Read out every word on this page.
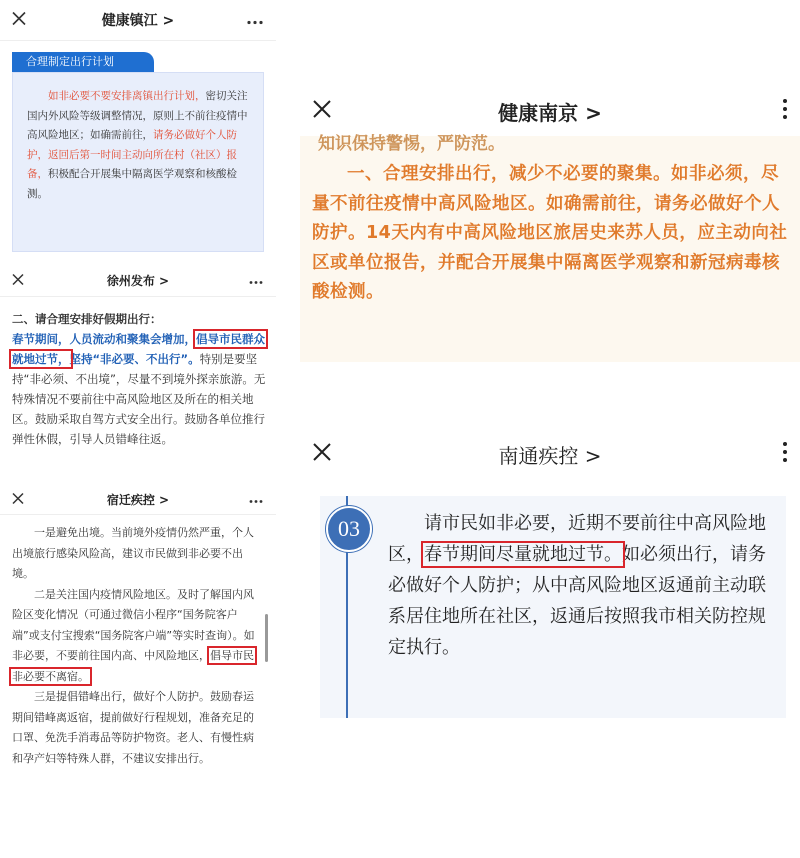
健康镇江 >
合理制定出行计划
如非必要不要安排离镇出行计划，密切关注国内外风险等级调整情况，原则上不前往疫情中高风险地区；如确需前往，请务必做好个人防护，返回后第一时间主动向所在村（社区）报备，积极配合开展集中隔离医学观察和核酸检测。
徐州发布 >
二、请合理安排好假期出行：
春节期间，人员流动和聚集会增加，倡导市民群众就地过节，坚持“非必要、不出行”。特别是要坚持“非必须、不出境”，尽量不到境外探亲旅游。无特殊情况不要前往中高风险地区及所在的相关地区。鼓励采取自驾方式安全出行。鼓励各单位推行弹性休假，引导人员错峰往返。
宿迁疾控 >

一是避免出境。当前境外疫情仍然严重，个人出境旅行感染风险高，建议市民做到非必要不出境。

二是关注国内疫情风险地区。及时了解国内风险区变化情况（可通过微信小程序“国务院客户端”或支付宝搜索“国务院客户端”等实时查询）。如非必要，不要前往国内高、中风险地区，倡导市民非必要不离宿。

三是提倡错峰出行，做好个人防护。鼓励春运期间错峰离返宿，提前做好行程规划，准备充足的口罩、免洗手消毒品等防护物资。老人、有慢性病和孕产妇等特殊人群，不建议安排出行。

健康南京 >
知识保持警惕，严防范。
一、合理安排出行，减少不必要的聚集。如非必须，尽量不前往疫情中高风险地区。如确需前往，请务必做好个人防护。14天内有中高风险地区旅居史来苏人员，应主动向社区或单位报告，并配合开展集中隔离医学观察和新冠病毒核酸检测。
南通疾控 >
03	请市民如非必要，近期不要前往中高风险地区，春节期间尽量就地过节。如必须出行，请务必做好个人防护；从中高风险地区返通前主动联系居住地所在社区，返通后按照我市相关防控规定执行。
